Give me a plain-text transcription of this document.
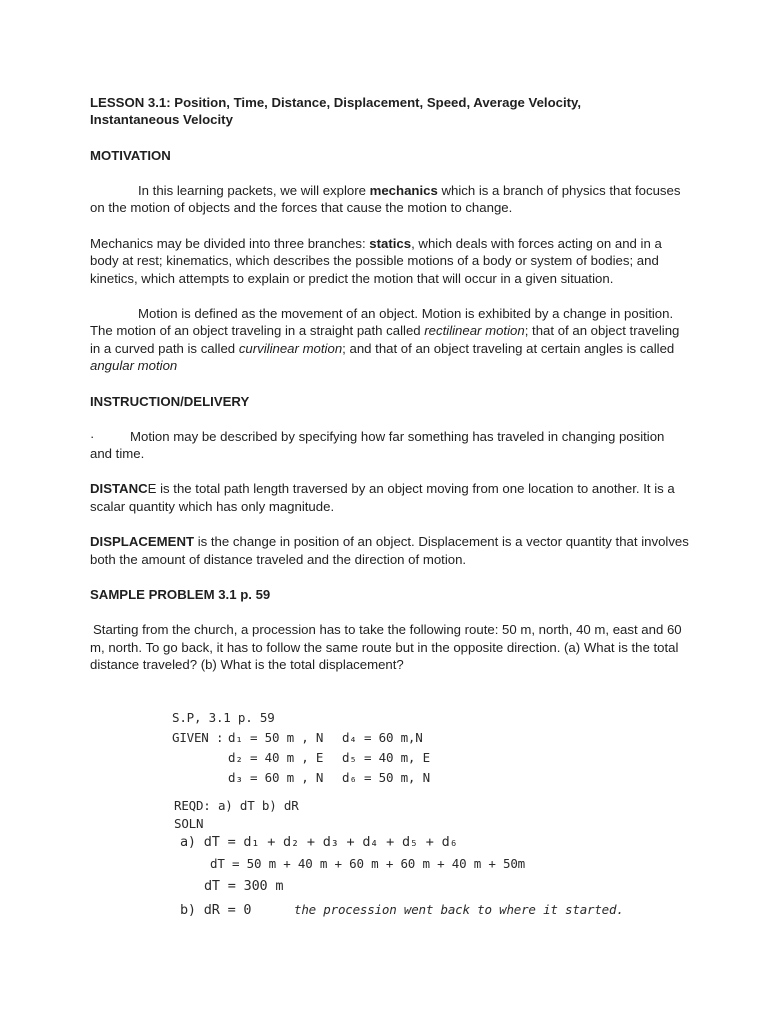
LESSON 3.1: Position, Time, Distance, Displacement, Speed, Average Velocity, Instantaneous Velocity

MOTIVATION

In this learning packets, we will explore mechanics which is a branch of physics that focuses on the motion of objects and the forces that cause the motion to change.

Mechanics may be divided into three branches: statics, which deals with forces acting on and in a body at rest; kinematics, which describes the possible motions of a body or system of bodies; and kinetics, which attempts to explain or predict the motion that will occur in a given situation.

Motion is defined as the movement of an object. Motion is exhibited by a change in position. The motion of an object traveling in a straight path called rectilinear motion; that of an object traveling in a curved path is called curvilinear motion; and that of an object traveling at certain angles is called angular motion

INSTRUCTION/DELIVERY

·	Motion may be described by specifying how far something has traveled in changing position and time.

DISTANCE is the total path length traversed by an object moving from one location to another. It is a scalar quantity which has only magnitude.

DISPLACEMENT is the change in position of an object. Displacement is a vector quantity that involves both the amount of distance traveled and the direction of motion.

SAMPLE PROBLEM 3.1 p. 59

Starting from the church, a procession has to take the following route: 50 m, north, 40 m, east and 60 m, north. To go back, it has to follow the same route but in the opposite direction. (a) What is the total distance traveled? (b) What is the total displacement?

S.P, 3.1 p. 59
GIVEN : d₁ = 50 m , N
d₂ = 40 m , E
d₃ = 60 m , N
d₄ = 60 m,N
d₅ = 40 m, E
d₆ = 50 m, N
REQD: a) dT b) dR
SOLN
a) dT = d₁ + d₂ + d₃ + d₄ + d₅ + d₆
dT = 50 m + 40 m + 60 m + 60 m + 40 m + 50m
dT = 300 m
b) dR = 0	the procession went back to where it started.
